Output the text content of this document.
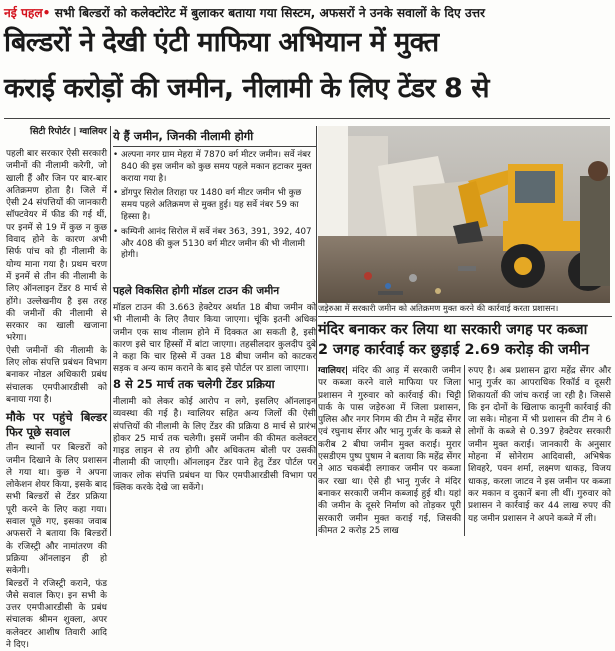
नई पहल• सभी बिल्डरों को कलेक्टोरेट में बुलाकर बताया गया सिस्टम, अफसरों ने उनके सवालों के दिए उत्तर
बिल्डरों ने देखी एंटी माफिया अभियान में मुक्त
कराई करोड़ों की जमीन, नीलामी के लिए टेंडर 8 से
सिटी रिपोर्टर | ग्वालियर

पहली बार सरकार ऐसी सरकारी जमीनों की नीलामी करेगी, जो खाली हैं और जिन पर बार-बार अतिक्रमण होता है। जिले में ऐसी 24 संपत्तियों की जानकारी सॉफ्टवेयर में फीड की गई थीं, पर इनमें से 19 में कुछ न कुछ विवाद होने के कारण अभी सिर्फ पांच को ही नीलामी के योग्य माना गया है। प्रथम चरण में इनमें से तीन की नीलामी के लिए ऑनलाइन टेंडर 8 मार्च से होंगे। उल्लेखनीय है इस तरह की जमीनों की नीलामी से सरकार का खाली खजाना भरेगा।

ऐसी जमीनों की नीलामी के लिए लोक संपत्ति प्रबंधन विभाग बनाकर नोडल अधिकारी प्रबंध संचालक एमपीआरडीसी को बनाया गया है।

मौके पर पहुंचे बिल्डर फिर पूछे सवाल

तीन स्थानों पर बिल्डरों को जमीन दिखाने के लिए प्रशासन ले गया था। कुछ ने अपना लोकेशन शेयर किया, इसके बाद सभी बिल्डरों से टेंडर प्रक्रिया पूरी करने के लिए कहा गया। सवाल पूछे गए, इसका जवाब अफसरों ने बताया कि बिल्डरों के रजिस्ट्री और नामांतरण की प्रक्रिया ऑनलाइन ही हो सकेगी।

बिल्डरों ने रजिस्ट्री कराने, फंड जैसे सवाल किए। इन सभी के उत्तर एमपीआरडीसी के प्रबंध संचालक श्रीमन शुक्ला, अपर कलेक्टर आशीष तिवारी आदि ने दिए।

ये हैं जमीन, जिनकी नीलामी होगी
• अल्पना नगर ग्राम मेहरा में 7870 वर्ग मीटर जमीन। सर्वे नंबर 840 की इस जमीन को कुछ समय पहले मकान हटाकर मुक्त कराया गया है।
• डोंगपुर सिरोल तिराहा पर 1480 वर्ग मीटर जमीन भी कुछ समय पहले अतिक्रमण से मुक्त हुई। यह सर्वे नंबर 59 का हिस्सा है।
• कम्पिनी आनंद सिरोल में सर्वे नंबर 363, 391, 392, 407 और 408 की कुल 5130 वर्ग मीटर जमीन की भी नीलामी होगी।
पहले विकसित होगी मॉडल टाउन की जमीन
मॉडल टाउन की 3.663 हेक्टेयर अर्थात 18 बीघा जमीन को भी नीलामी के लिए तैयार किया जाएगा। चूंकि इतनी अधिक जमीन एक साथ नीलाम होने में दिक्कत आ सकती है, इसी कारण इसे चार हिस्सों में बांटा जाएगा। तहसीलदार कुलदीप दुबे ने कहा कि चार हिस्से में उक्त 18 बीघा जमीन को काटकर सड़क व अन्य काम कराने के बाद इसे पोर्टल पर डाला जाएगा।
8 से 25 मार्च तक चलेगी टेंडर प्रक्रिया
नीलामी को लेकर कोई आरोप न लगे, इसलिए ऑनलाइन व्यवस्था की गई है। ग्वालियर सहित अन्य जिलों की ऐसी संपत्तियों की नीलामी के लिए टेंडर की प्रक्रिया 8 मार्च से प्रारंभ होकर 25 मार्च तक चलेगी। इसमें जमीन की कीमत कलेक्टर गाइड लाइन से तय होगी और अधिकतम बोली पर उसकी नीलामी की जाएगी। ऑनलाइन टेंडर पाने हेतु टेंडर पोर्टल पर जाकर लोक संपत्ति प्रबंधन या फिर एमपीआरडीसी विभाग पर क्लिक करके देखे जा सकेंगे।
जड़ेरुआ में सरकारी जमीन को अतिक्रमण मुक्त करने की कार्रवाई करता प्रशासन।
मंदिर बनाकर कर लिया था सरकारी जगह पर कब्जा
2 जगह कार्रवाई कर छुड़ाई 2.69 करोड़ की जमीन

ग्वालियर| मंदिर की आड़ में सरकारी जमीन पर कब्जा करने वाले माफिया पर जिला प्रशासन ने गुरुवार को कार्रवाई की। चिट्टी पार्क के पास जड़ेरुआ में जिला प्रशासन, पुलिस और नगर निगम की टीम ने महेंद्र सेंगर एवं रघुनाथ सेंगर और भानु गुर्जर के कब्जे से करीब 2 बीघा जमीन मुक्त कराई। मुरार एसडीएम पुष्प पुषाम ने बताया कि महेंद्र सेंगर ने आठ चकबंदी लगाकर जमीन पर कब्जा कर रखा था। ऐसे ही भानु गुर्जर ने मंदिर बनाकर सरकारी जमीन कब्जाई हुई थी। यहां की जमीन के दूसरे निर्माण को तोड़कर पूरी सरकारी जमीन मुक्त कराई गई, जिसकी कीमत 2 करोड़ 25 लाख

रुपए है। अब प्रशासन द्वारा महेंद्र सेंगर और भानु गुर्जर का आपराधिक रिकॉर्ड व दूसरी शिकायतों की जांच कराई जा रही है। जिससे कि इन दोनों के खिलाफ कानूनी कार्रवाई की जा सके। मोहना में भी प्रशासन की टीम ने 6 लोगों के कब्जे से 0.397 हेक्टेयर सरकारी जमीन मुक्त कराई। जानकारी के अनुसार मोहना में सोनेराम आदिवासी, अभिषेक शिवहरे, पवन शर्मा, लक्ष्मण धाकड़, विजय धाकड़, करला जाटव ने इस जमीन पर कब्जा कर मकान व दुकानें बना ली थीं। गुरुवार को प्रशासन ने कार्रवाई कर 44 लाख रुपए की यह जमीन प्रशासन ने अपने कब्जे में ली।
